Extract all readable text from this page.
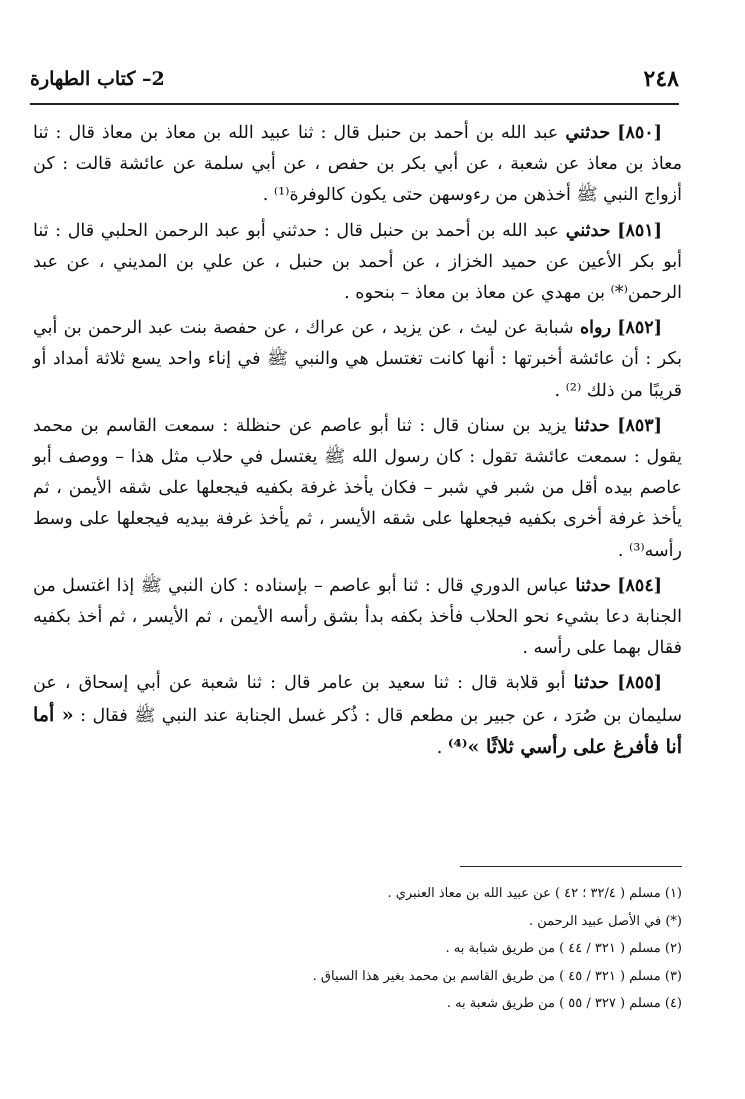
٢٤٨
2– كتاب الطهارة

[٨٥٠] حدثني عبد الله بن أحمد بن حنبل قال : ثنا عبيد الله بن معاذ بن معاذ قال : ثنا معاذ بن معاذ عن شعبة ، عن أبي بكر بن حفص ، عن أبي سلمة عن عائشة قالت : كن أزواج النبي ﷺ أخذهن من رءوسهن حتى يكون كالوفرة⁽¹⁾ .

[٨٥١] حدثني عبد الله بن أحمد بن حنبل قال : حدثني أبو عبد الرحمن الحلبي قال : ثنا أبو بكر الأعين عن حميد الخزاز ، عن أحمد بن حنبل ، عن علي بن المديني ، عن عبد الرحمن⁽*⁾ بن مهدي عن معاذ بن معاذ – بنحوه .

[٨٥٢] رواه شبابة عن ليث ، عن يزيد ، عن عراك ، عن حفصة بنت عبد الرحمن بن أبي بكر : أن عائشة أخبرتها : أنها كانت تغتسل هي والنبي ﷺ في إناء واحد يسع ثلاثة أمداد أو قريبًا من ذلك ⁽²⁾ .

[٨٥٣] حدثنا يزيد بن سنان قال : ثنا أبو عاصم عن حنظلة : سمعت القاسم بن محمد يقول : سمعت عائشة تقول : كان رسول الله ﷺ يغتسل في حلاب مثل هذا – ووصف أبو عاصم بيده أقل من شبر في شبر – فكان يأخذ غرفة بكفيه فيجعلها على شقه الأيمن ، ثم يأخذ غرفة أخرى بكفيه فيجعلها على شقه الأيسر ، ثم يأخذ غرفة بيديه فيجعلها على وسط رأسه⁽³⁾ .

[٨٥٤] حدثنا عباس الدوري قال : ثنا أبو عاصم – بإسناده : كان النبي ﷺ إذا اغتسل من الجنابة دعا بشيء نحو الحلاب فأخذ بكفه بدأ بشق رأسه الأيمن ، ثم الأيسر ، ثم أخذ بكفيه فقال بهما على رأسه .

[٨٥٥] حدثنا أبو قلابة قال : ثنا سعيد بن عامر قال : ثنا شعبة عن أبي إسحاق ، عن سليمان بن صُرَد ، عن جبير بن مطعم قال : ذُكر غسل الجنابة عند النبي ﷺ فقال : « أما أنا فأفرغ على رأسي ثلاثًا »⁽⁴⁾ .

(١) مسلم ( ٣٢/٤ ؛ ٤٢ ) عن عبيد الله بن معاذ العنبري .

(*) في الأصل عبيد الرحمن .

(٢) مسلم ( ٣٢١ / ٤٤ ) من طريق شبابة به .

(٣) مسلم ( ٣٢١ / ٤٥ ) من طريق القاسم بن محمد بغير هذا السياق .

(٤) مسلم ( ٣٢٧ / ٥٥ ) من طريق شعبة به .
